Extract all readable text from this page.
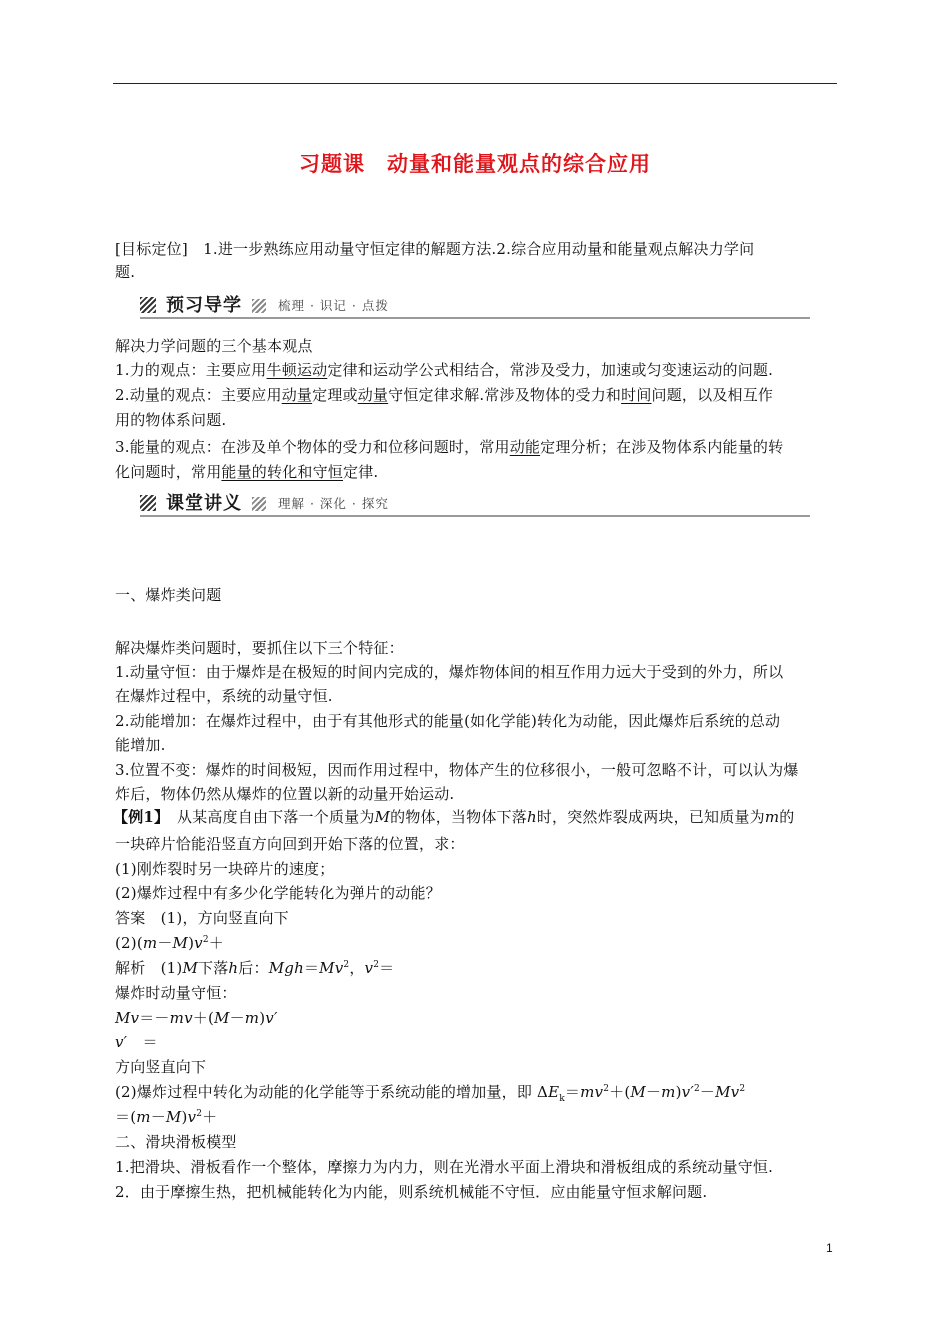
习题课　动量和能量观点的综合应用
[目标定位]　1.进一步熟练应用动量守恒定律的解题方法.2.综合应用动量和能量观点解决力学问
题.
预习导学	梳理 · 识记 · 点拨
解决力学问题的三个基本观点
1.力的观点：主要应用牛顿运动定律和运动学公式相结合，常涉及受力，加速或匀变速运动的问题.
2.动量的观点：主要应用动量定理或动量守恒定律求解.常涉及物体的受力和时间问题，以及相互作
用的物体系问题.
3.能量的观点：在涉及单个物体的受力和位移问题时，常用动能定理分析；在涉及物体系内能量的转
化问题时，常用能量的转化和守恒定律.
课堂讲义	理解 · 深化 · 探究
一、爆炸类问题
解决爆炸类问题时，要抓住以下三个特征：
1.动量守恒：由于爆炸是在极短的时间内完成的，爆炸物体间的相互作用力远大于受到的外力，所以
在爆炸过程中，系统的动量守恒.
2.动能增加：在爆炸过程中，由于有其他形式的能量(如化学能)转化为动能，因此爆炸后系统的总动
能增加.
3.位置不变：爆炸的时间极短，因而作用过程中，物体产生的位移很小，一般可忽略不计，可以认为爆
炸后，物体仍然从爆炸的位置以新的动量开始运动.
【例1】　从某高度自由下落一个质量为M的物体，当物体下落h时，突然炸裂成两块，已知质量为m的
一块碎片恰能沿竖直方向回到开始下落的位置，求：
(1)刚炸裂时另一块碎片的速度；
(2)爆炸过程中有多少化学能转化为弹片的动能？
答案　(1)，方向竖直向下
$(2)(m-M)v^2+$
解析　(1)M下落h后：$Mgh=Mv^2$，$v^2=$
爆炸时动量守恒：
Mv＝－mv＋(M－m)v′
v′　＝
方向竖直向下
(2)爆炸过程中转化为动能的化学能等于系统动能的增加量，即 $\Delta E_k=mv^2+(M-m)v'^2-Mv^2$
$=(m-M)v^2+$
二、滑块滑板模型
1.把滑块、滑板看作一个整体，摩擦力为内力，则在光滑水平面上滑块和滑板组成的系统动量守恒.
2．由于摩擦生热，把机械能转化为内能，则系统机械能不守恒．应由能量守恒求解问题.
1
